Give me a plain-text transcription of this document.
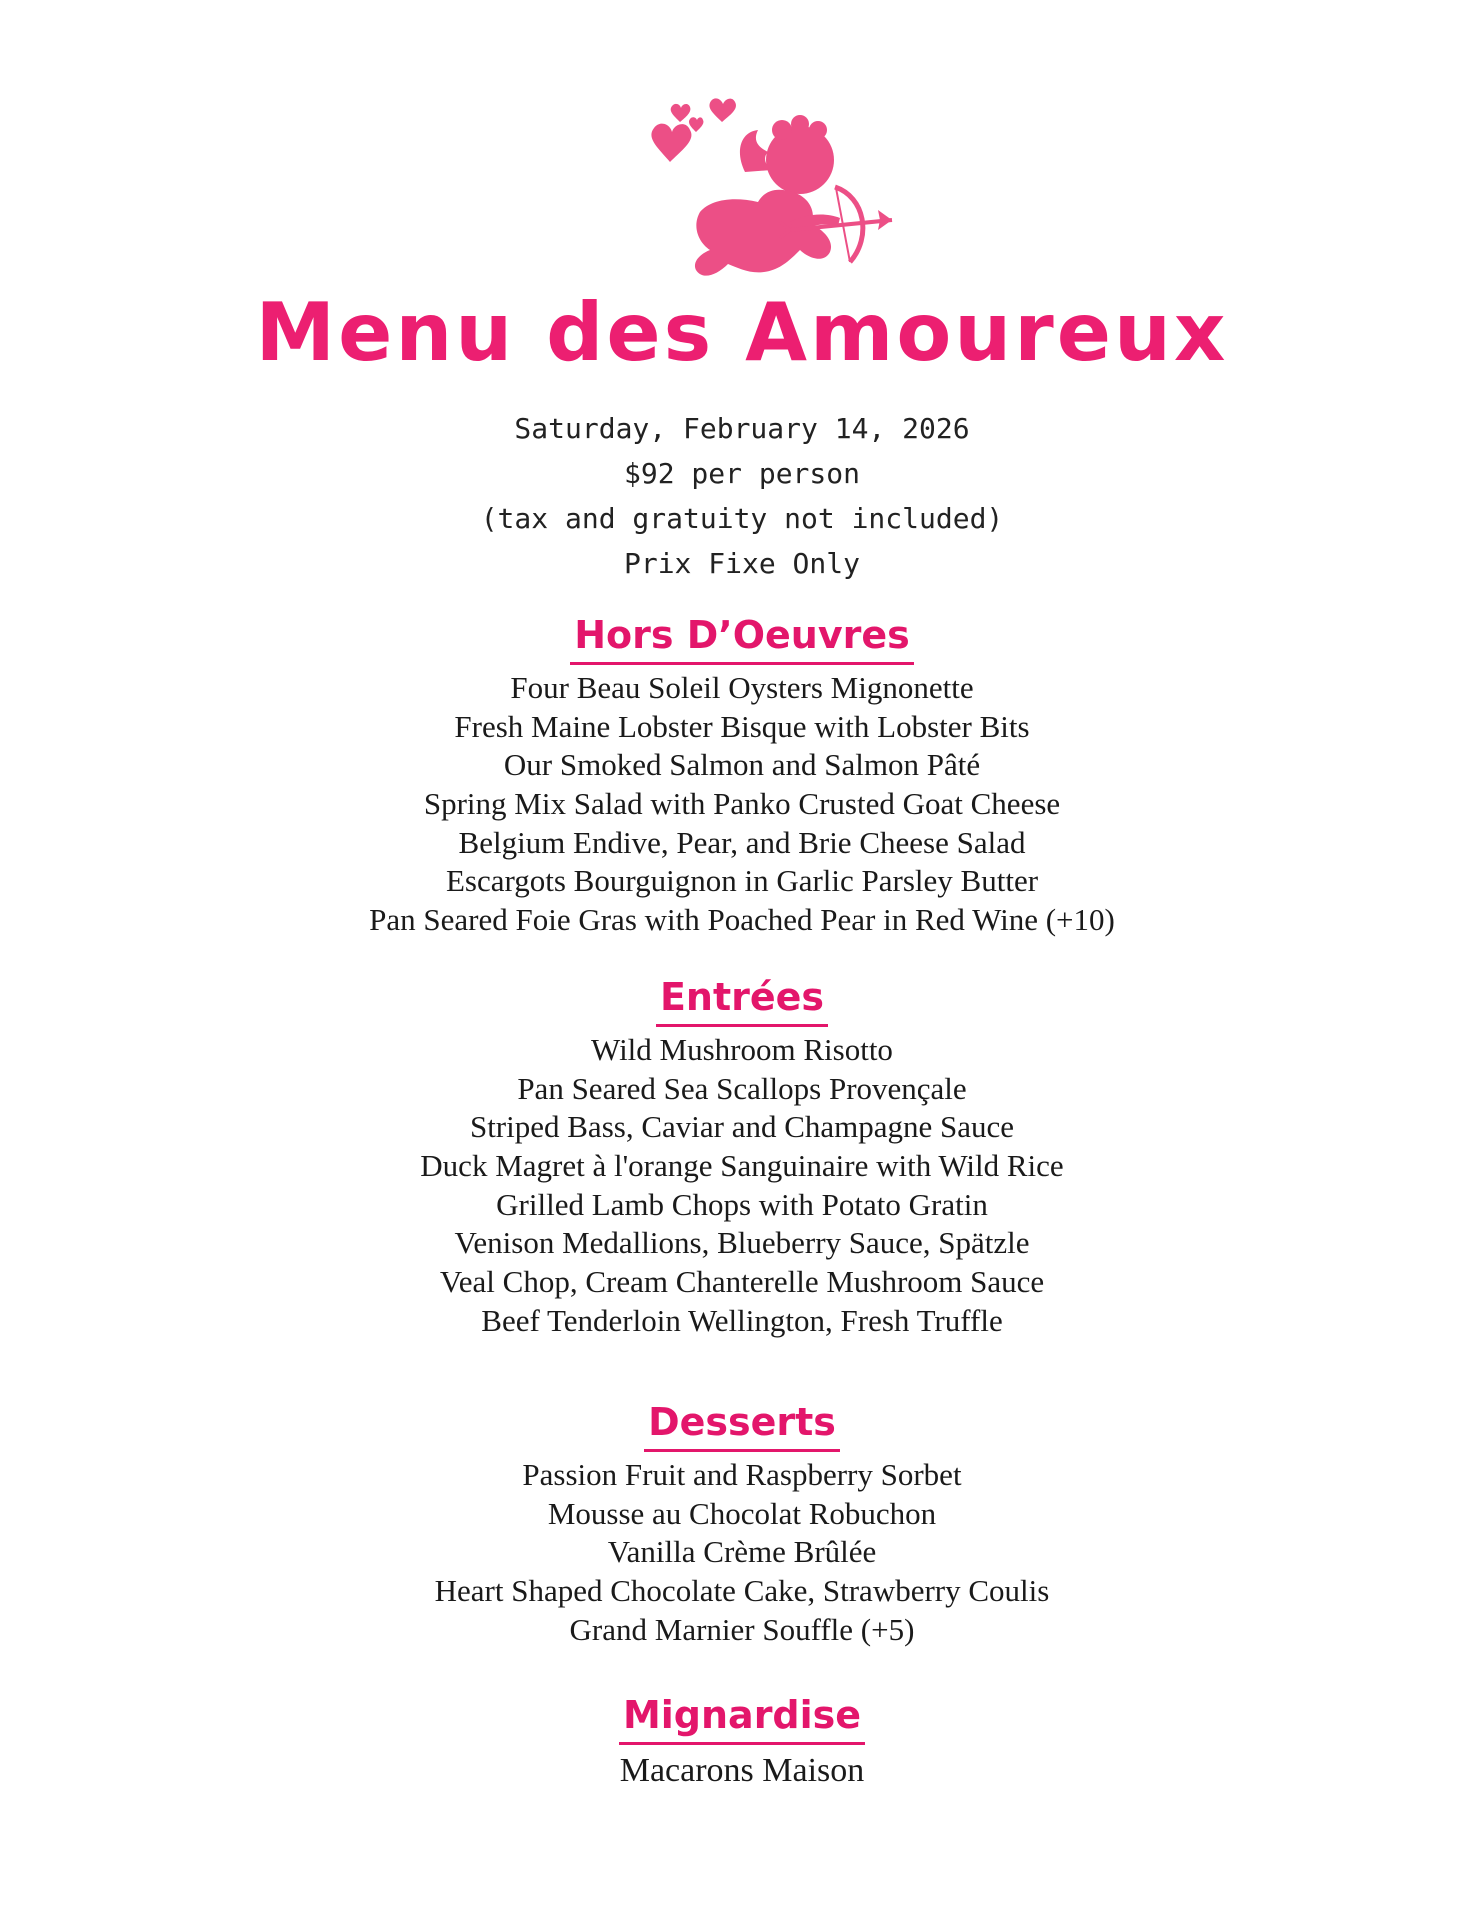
Menu des Amoureux
Saturday, February 14, 2026
$92 per person
(tax and gratuity not included)
Prix Fixe Only
Hors D’Oeuvres
Four Beau Soleil Oysters Mignonette
Fresh Maine Lobster Bisque with Lobster Bits
Our Smoked Salmon and Salmon Pâté
Spring Mix Salad with Panko Crusted Goat Cheese
Belgium Endive, Pear, and Brie Cheese Salad
Escargots Bourguignon in Garlic Parsley Butter
Pan Seared Foie Gras with Poached Pear in Red Wine (+10)
Entrées
Wild Mushroom Risotto
Pan Seared Sea Scallops Provençale
Striped Bass, Caviar and Champagne Sauce
Duck Magret à l'orange Sanguinaire with Wild Rice
Grilled Lamb Chops with Potato Gratin
Venison Medallions, Blueberry Sauce, Spätzle
Veal Chop, Cream Chanterelle Mushroom Sauce
Beef Tenderloin Wellington, Fresh Truffle
Desserts
Passion Fruit and Raspberry Sorbet
Mousse au Chocolat Robuchon
Vanilla Crème Brûlée
Heart Shaped Chocolate Cake, Strawberry Coulis
Grand Marnier Souffle (+5)
Mignardise
Macarons Maison
